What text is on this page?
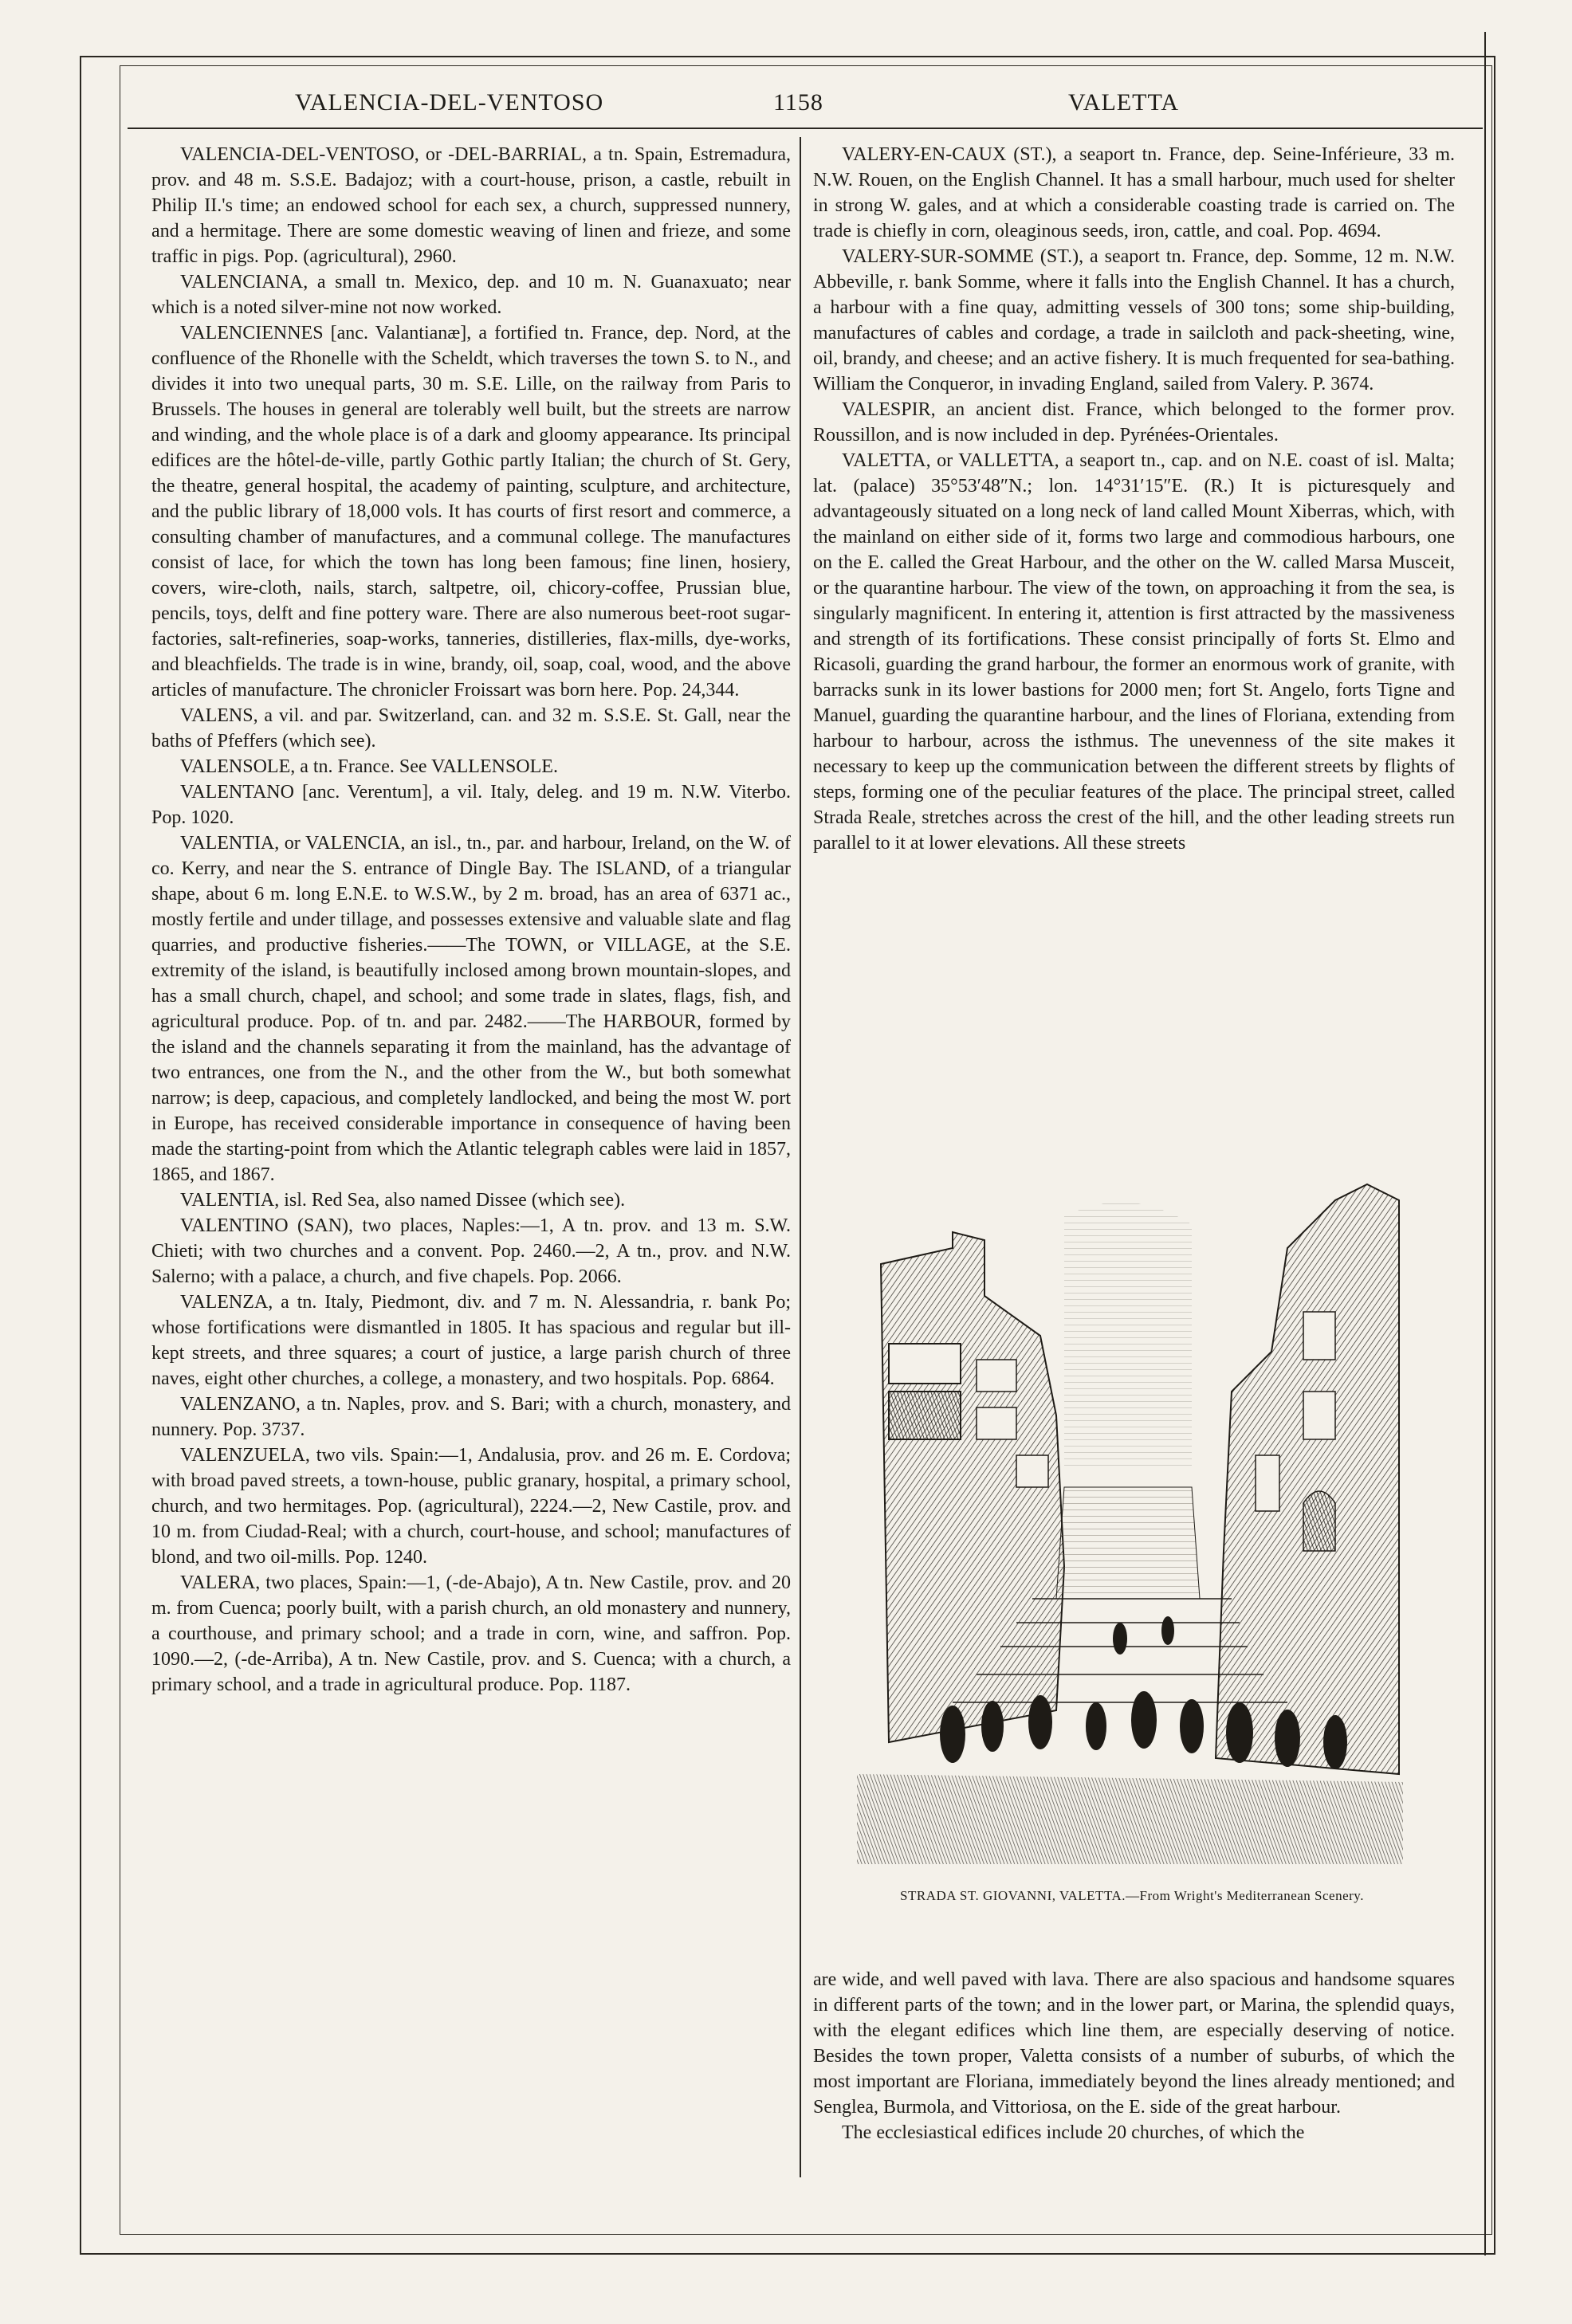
VALENCIA-DEL-VENTOSO	1158	VALETTA

VALENCIA-DEL-VENTOSO, or -DEL-BARRIAL, a tn. Spain, Estremadura, prov. and 48 m. S.S.E. Badajoz; with a court-house, prison, a castle, rebuilt in Philip II.'s time; an endowed school for each sex, a church, suppressed nunnery, and a hermitage. There are some domestic weaving of linen and frieze, and some traffic in pigs. Pop. (agricultural), 2960.

VALENCIANA, a small tn. Mexico, dep. and 10 m. N. Guanaxuato; near which is a noted silver-mine not now worked.

VALENCIENNES [anc. Valantianæ], a fortified tn. France, dep. Nord, at the confluence of the Rhonelle with the Scheldt, which traverses the town S. to N., and divides it into two unequal parts, 30 m. S.E. Lille, on the railway from Paris to Brussels. The houses in general are tolerably well built, but the streets are narrow and winding, and the whole place is of a dark and gloomy appearance. Its principal edifices are the hôtel-de-ville, partly Gothic partly Italian; the church of St. Gery, the theatre, general hospital, the academy of painting, sculpture, and architecture, and the public library of 18,000 vols. It has courts of first resort and commerce, a consulting chamber of manufactures, and a communal college. The manufactures consist of lace, for which the town has long been famous; fine linen, hosiery, covers, wire-cloth, nails, starch, saltpetre, oil, chicory-coffee, Prussian blue, pencils, toys, delft and fine pottery ware. There are also numerous beet-root sugar-factories, salt-refineries, soap-works, tanneries, distilleries, flax-mills, dye-works, and bleachfields. The trade is in wine, brandy, oil, soap, coal, wood, and the above articles of manufacture. The chronicler Froissart was born here. Pop. 24,344.

VALENS, a vil. and par. Switzerland, can. and 32 m. S.S.E. St. Gall, near the baths of Pfeffers (which see).

VALENSOLE, a tn. France. See VALLENSOLE.

VALENTANO [anc. Verentum], a vil. Italy, deleg. and 19 m. N.W. Viterbo. Pop. 1020.

VALENTIA, or VALENCIA, an isl., tn., par. and harbour, Ireland, on the W. of co. Kerry, and near the S. entrance of Dingle Bay. The ISLAND, of a triangular shape, about 6 m. long E.N.E. to W.S.W., by 2 m. broad, has an area of 6371 ac., mostly fertile and under tillage, and possesses extensive and valuable slate and flag quarries, and productive fisheries.——The TOWN, or VILLAGE, at the S.E. extremity of the island, is beautifully inclosed among brown mountain-slopes, and has a small church, chapel, and school; and some trade in slates, flags, fish, and agricultural produce. Pop. of tn. and par. 2482.——The HARBOUR, formed by the island and the channels separating it from the mainland, has the advantage of two entrances, one from the N., and the other from the W., but both somewhat narrow; is deep, capacious, and completely landlocked, and being the most W. port in Europe, has received considerable importance in consequence of having been made the starting-point from which the Atlantic telegraph cables were laid in 1857, 1865, and 1867.

VALENTIA, isl. Red Sea, also named Dissee (which see).

VALENTINO (SAN), two places, Naples:—1, A tn. prov. and 13 m. S.W. Chieti; with two churches and a convent. Pop. 2460.—2, A tn., prov. and N.W. Salerno; with a palace, a church, and five chapels. Pop. 2066.

VALENZA, a tn. Italy, Piedmont, div. and 7 m. N. Alessandria, r. bank Po; whose fortifications were dismantled in 1805. It has spacious and regular but ill-kept streets, and three squares; a court of justice, a large parish church of three naves, eight other churches, a college, a monastery, and two hospitals. Pop. 6864.

VALENZANO, a tn. Naples, prov. and S. Bari; with a church, monastery, and nunnery. Pop. 3737.

VALENZUELA, two vils. Spain:—1, Andalusia, prov. and 26 m. E. Cordova; with broad paved streets, a town-house, public granary, hospital, a primary school, church, and two hermitages. Pop. (agricultural), 2224.—2, New Castile, prov. and 10 m. from Ciudad-Real; with a church, court-house, and school; manufactures of blond, and two oil-mills. Pop. 1240.

VALERA, two places, Spain:—1, (-de-Abajo), A tn. New Castile, prov. and 20 m. from Cuenca; poorly built, with a parish church, an old monastery and nunnery, a courthouse, and primary school; and a trade in corn, wine, and saffron. Pop. 1090.—2, (-de-Arriba), A tn. New Castile, prov. and S. Cuenca; with a church, a primary school, and a trade in agricultural produce. Pop. 1187.

VALERY-EN-CAUX (ST.), a seaport tn. France, dep. Seine-Inférieure, 33 m. N.W. Rouen, on the English Channel. It has a small harbour, much used for shelter in strong W. gales, and at which a considerable coasting trade is carried on. The trade is chiefly in corn, oleaginous seeds, iron, cattle, and coal. Pop. 4694.

VALERY-SUR-SOMME (ST.), a seaport tn. France, dep. Somme, 12 m. N.W. Abbeville, r. bank Somme, where it falls into the English Channel. It has a church, a harbour with a fine quay, admitting vessels of 300 tons; some ship-building, manufactures of cables and cordage, a trade in sailcloth and pack-sheeting, wine, oil, brandy, and cheese; and an active fishery. It is much frequented for sea-bathing. William the Conqueror, in invading England, sailed from Valery. P. 3674.

VALESPIR, an ancient dist. France, which belonged to the former prov. Roussillon, and is now included in dep. Pyrénées-Orientales.

VALETTA, or VALLETTA, a seaport tn., cap. and on N.E. coast of isl. Malta; lat. (palace) 35°53′48″N.; lon. 14°31′15″E. (R.) It is picturesquely and advantageously situated on a long neck of land called Mount Xiberras, which, with the mainland on either side of it, forms two large and commodious harbours, one on the E. called the Great Harbour, and the other on the W. called Marsa Musceit, or the quarantine harbour. The view of the town, on approaching it from the sea, is singularly magnificent. In entering it, attention is first attracted by the massiveness and strength of its fortifications. These consist principally of forts St. Elmo and Ricasoli, guarding the grand harbour, the former an enormous work of granite, with barracks sunk in its lower bastions for 2000 men; fort St. Angelo, forts Tigne and Manuel, guarding the quarantine harbour, and the lines of Floriana, extending from harbour to harbour, across the isthmus. The unevenness of the site makes it necessary to keep up the communication between the different streets by flights of steps, forming one of the peculiar features of the place. The principal street, called Strada Reale, stretches across the crest of the hill, and the other leading streets run parallel to it at lower elevations. All these streets

STRADA ST. GIOVANNI, VALETTA.—From Wright's Mediterranean Scenery.

are wide, and well paved with lava. There are also spacious and handsome squares in different parts of the town; and in the lower part, or Marina, the splendid quays, with the elegant edifices which line them, are especially deserving of notice. Besides the town proper, Valetta consists of a number of suburbs, of which the most important are Floriana, immediately beyond the lines already mentioned; and Senglea, Burmola, and Vittoriosa, on the E. side of the great harbour.

The ecclesiastical edifices include 20 churches, of which the
